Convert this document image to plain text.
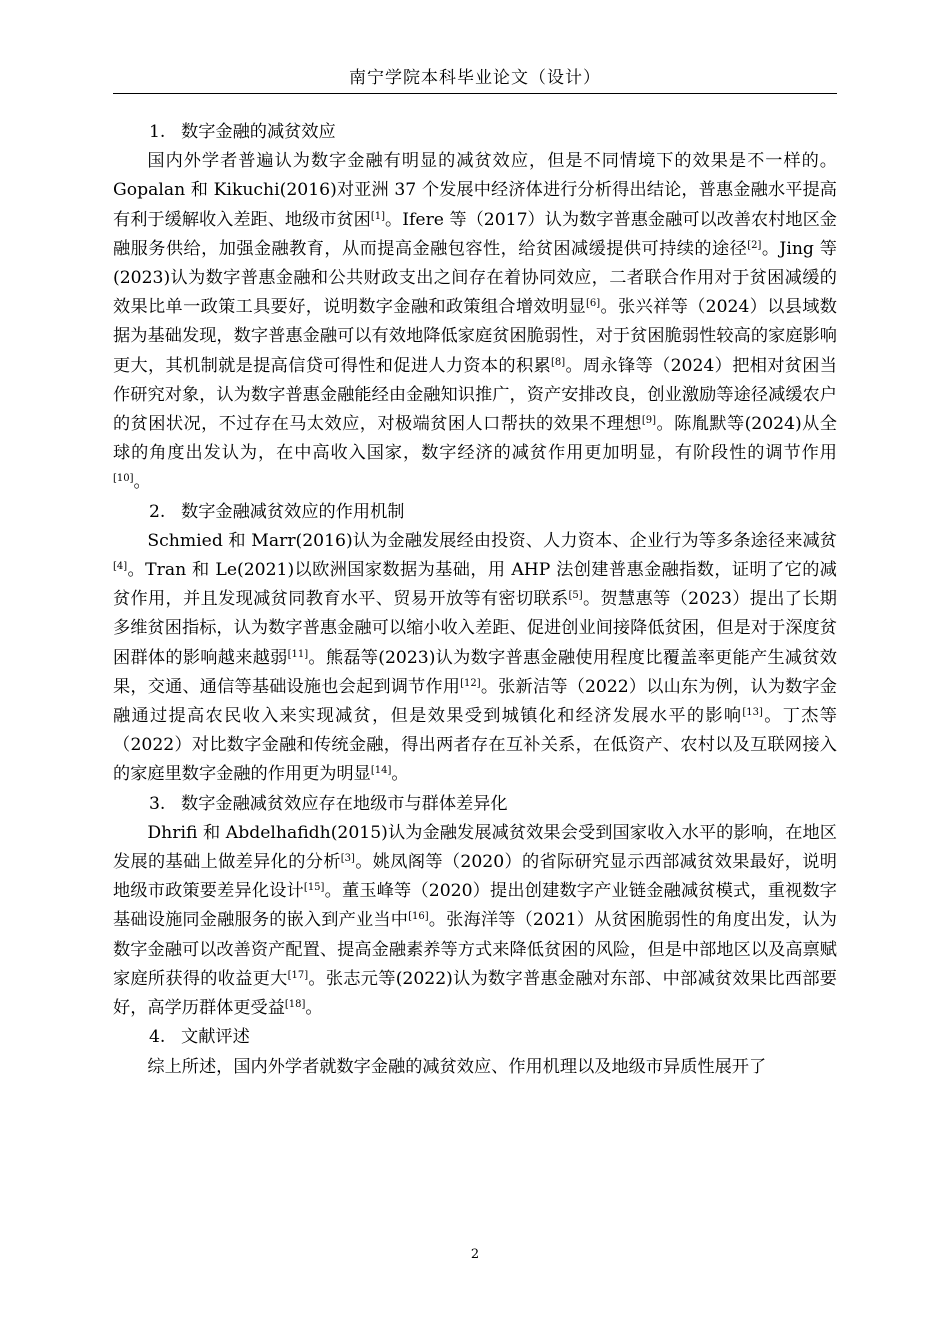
南宁学院本科毕业论文（设计）

1. 数字金融的减贫效应

国内外学者普遍认为数字金融有明显的减贫效应，但是不同情境下的效果是不一样的。Gopalan 和 Kikuchi(2016)对亚洲 37 个发展中经济体进行分析得出结论，普惠金融水平提高有利于缓解收入差距、地级市贫困[1]。Ifere 等（2017）认为数字普惠金融可以改善农村地区金融服务供给，加强金融教育，从而提高金融包容性，给贫困减缓提供可持续的途径[2]。Jing 等(2023)认为数字普惠金融和公共财政支出之间存在着协同效应，二者联合作用对于贫困减缓的效果比单一政策工具要好，说明数字金融和政策组合增效明显[6]。张兴祥等（2024）以县域数据为基础发现，数字普惠金融可以有效地降低家庭贫困脆弱性，对于贫困脆弱性较高的家庭影响更大，其机制就是提高信贷可得性和促进人力资本的积累[8]。周永锋等（2024）把相对贫困当作研究对象，认为数字普惠金融能经由金融知识推广，资产安排改良，创业激励等途径减缓农户的贫困状况，不过存在马太效应，对极端贫困人口帮扶的效果不理想[9]。陈胤默等(2024)从全球的角度出发认为，在中高收入国家，数字经济的减贫作用更加明显，有阶段性的调节作用[10]。

2. 数字金融减贫效应的作用机制

Schmied 和 Marr(2016)认为金融发展经由投资、人力资本、企业行为等多条途径来减贫[4]。Tran 和 Le(2021)以欧洲国家数据为基础，用 AHP 法创建普惠金融指数，证明了它的减贫作用，并且发现减贫同教育水平、贸易开放等有密切联系[5]。贺慧惠等（2023）提出了长期多维贫困指标，认为数字普惠金融可以缩小收入差距、促进创业间接降低贫困，但是对于深度贫困群体的影响越来越弱[11]。熊磊等(2023)认为数字普惠金融使用程度比覆盖率更能产生减贫效果，交通、通信等基础设施也会起到调节作用[12]。张新洁等（2022）以山东为例，认为数字金融通过提高农民收入来实现减贫，但是效果受到城镇化和经济发展水平的影响[13]。丁杰等（2022）对比数字金融和传统金融，得出两者存在互补关系，在低资产、农村以及互联网接入的家庭里数字金融的作用更为明显[14]。

3. 数字金融减贫效应存在地级市与群体差异化

Dhrifi 和 Abdelhafidh(2015)认为金融发展减贫效果会受到国家收入水平的影响，在地区发展的基础上做差异化的分析[3]。姚凤阁等（2020）的省际研究显示西部减贫效果最好，说明地级市政策要差异化设计[15]。董玉峰等（2020）提出创建数字产业链金融减贫模式，重视数字基础设施同金融服务的嵌入到产业当中[16]。张海洋等（2021）从贫困脆弱性的角度出发，认为数字金融可以改善资产配置、提高金融素养等方式来降低贫困的风险，但是中部地区以及高禀赋家庭所获得的收益更大[17]。张志元等(2022)认为数字普惠金融对东部、中部减贫效果比西部要好，高学历群体更受益[18]。

4. 文献评述

综上所述，国内外学者就数字金融的减贫效应、作用机理以及地级市异质性展开了

2
